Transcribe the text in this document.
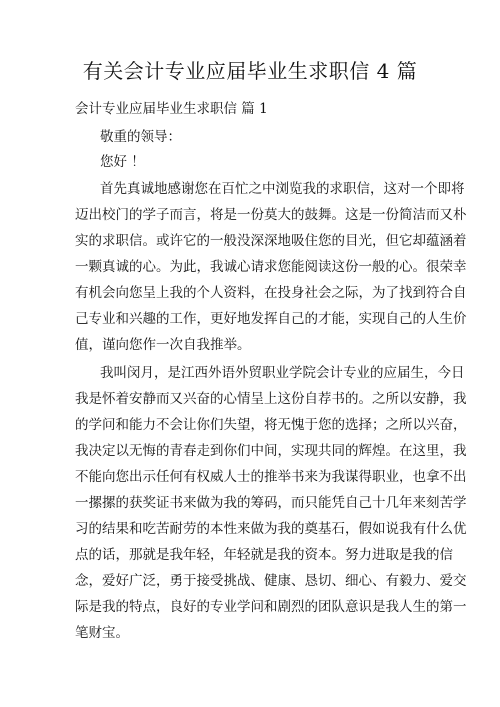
有关会计专业应届毕业生求职信 4 篇
会计专业应届毕业生求职信 篇 1
敬重的领导：
您好 ！
首先真诚地感谢您在百忙之中浏览我的求职信，这对一个即将
迈出校门的学子而言，将是一份莫大的鼓舞。这是一份简洁而又朴
实的求职信。或许它的一般没深深地吸住您的目光，但它却蕴涵着
一颗真诚的心。为此，我诚心请求您能阅读这份一般的心。很荣幸
有机会向您呈上我的个人资料，在投身社会之际，为了找到符合自
己专业和兴趣的工作，更好地发挥自己的才能，实现自己的人生价
值，谨向您作一次自我推举。
我叫闵月，是江西外语外贸职业学院会计专业的应届生，今日
我是怀着安静而又兴奋的心情呈上这份自荐书的。之所以安静，我
的学问和能力不会让你们失望，将无愧于您的选择；之所以兴奋，
我决定以无悔的青春走到你们中间，实现共同的辉煌。在这里，我
不能向您出示任何有权威人士的推举书来为我谋得职业，也拿不出
一摞摞的获奖证书来做为我的筹码，而只能凭自己十几年来刻苦学
习的结果和吃苦耐劳的本性来做为我的奠基石，假如说我有什么优
点的话，那就是我年轻，年轻就是我的资本。努力进取是我的信
念，爱好广泛，勇于接受挑战、健康、恳切、细心、有毅力、爱交
际是我的特点，良好的专业学问和剧烈的团队意识是我人生的第一
笔财宝。
